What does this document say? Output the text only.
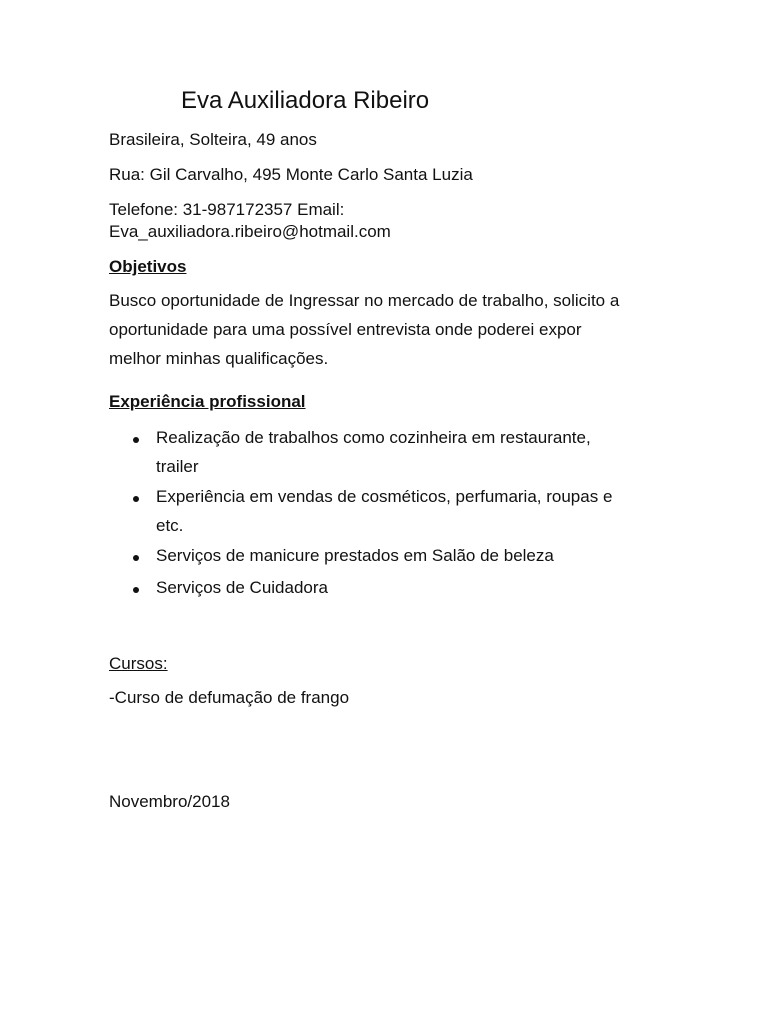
Eva Auxiliadora Ribeiro
Brasileira, Solteira, 49 anos
Rua: Gil Carvalho, 495 Monte Carlo Santa Luzia
Telefone: 31-987172357 Email:
Eva_auxiliadora.ribeiro@hotmail.com
Objetivos
Busco oportunidade de Ingressar no mercado de trabalho, solicito a
oportunidade para uma possível entrevista onde poderei expor
melhor minhas qualificações.
Experiência profissional
Realização de trabalhos como cozinheira em restaurante,
trailer
Experiência em vendas de cosméticos, perfumaria, roupas e
etc.
Serviços de manicure prestados em Salão de beleza
Serviços de Cuidadora
Cursos:
-Curso de defumação de frango
Novembro/2018
